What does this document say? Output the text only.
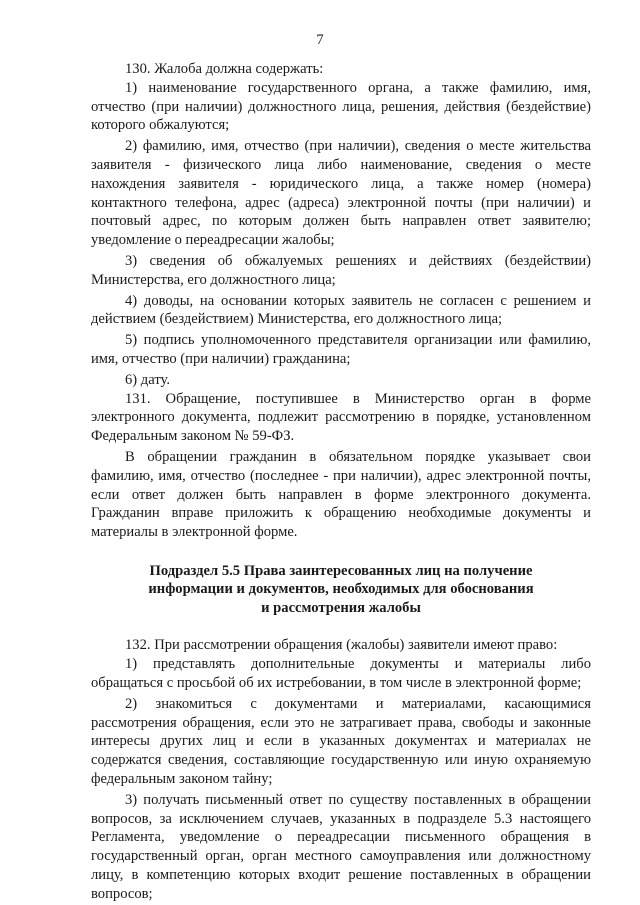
7

130. Жалоба должна содержать:

1) наименование государственного органа, а также фамилию, имя, отчество (при наличии) должностного лица, решения, действия (бездействие) которого обжалуются;

2) фамилию, имя, отчество (при наличии), сведения о месте жительства заявителя - физического лица либо наименование, сведения о месте нахождения заявителя - юридического лица, а также номер (номера) контактного телефона, адрес (адреса) электронной почты (при наличии) и почтовый адрес, по которым должен быть направлен ответ заявителю; уведомление о переадресации жалобы;

3) сведения об обжалуемых решениях и действиях (бездействии) Министерства, его должностного лица;

4) доводы, на основании которых заявитель не согласен с решением и действием (бездействием) Министерства, его должностного лица;

5) подпись уполномоченного представителя организации или фамилию, имя, отчество (при наличии) гражданина;

6) дату.

131. Обращение, поступившее в Министерство орган в форме электронного документа, подлежит рассмотрению в порядке, установленном Федеральным законом № 59-ФЗ.

В обращении гражданин в обязательном порядке указывает свои фамилию, имя, отчество (последнее - при наличии), адрес электронной почты, если ответ должен быть направлен в форме электронного документа. Гражданин вправе приложить к обращению необходимые документы и материалы в электронной форме.

Подраздел 5.5 Права заинтересованных лиц на получение
информации и документов, необходимых для обоснования
и рассмотрения жалобы

132. При рассмотрении обращения (жалобы) заявители имеют право:

1) представлять дополнительные документы и материалы либо обращаться с просьбой об их истребовании, в том числе в электронной форме;

2) знакомиться с документами и материалами, касающимися рассмотрения обращения, если это не затрагивает права, свободы и законные интересы других лиц и если в указанных документах и материалах не содержатся сведения, составляющие государственную или иную охраняемую федеральным законом тайну;

3) получать письменный ответ по существу поставленных в обращении вопросов, за исключением случаев, указанных в подразделе 5.3 настоящего Регламента, уведомление о переадресации письменного обращения в государственный орган, орган местного самоуправления или должностному лицу, в компетенцию которых входит решение поставленных в обращении вопросов;
